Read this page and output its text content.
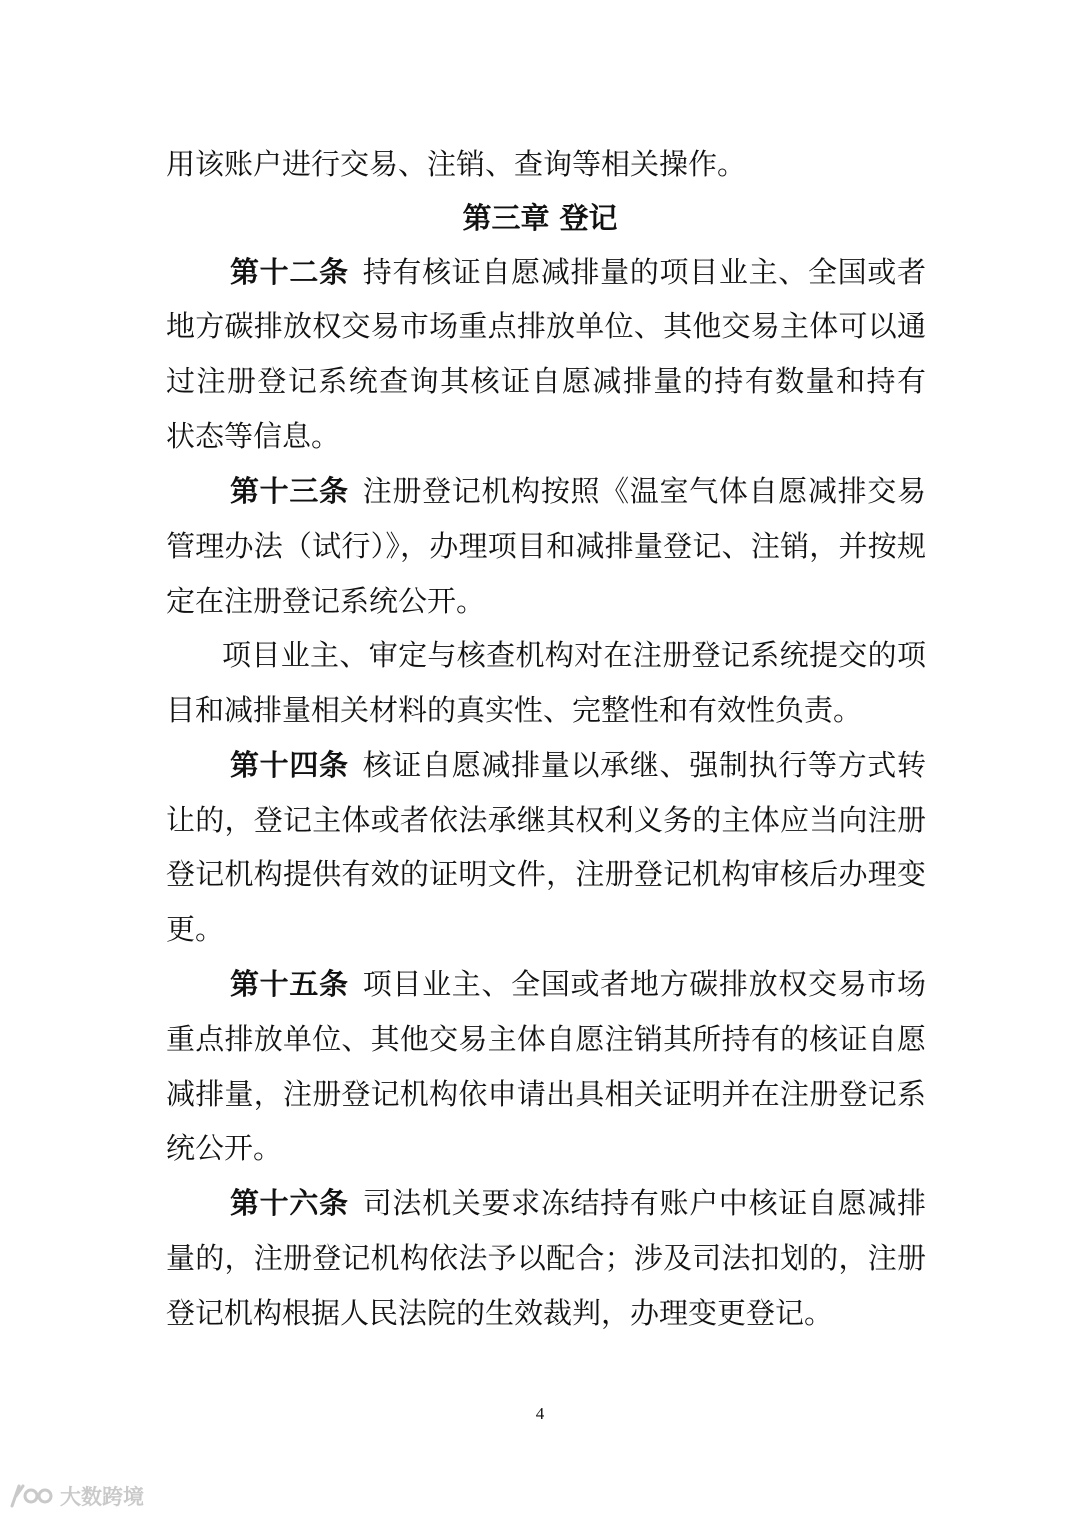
用该账户进行交易、注销、查询等相关操作。
第三章 登记
第十二条 持有核证自愿减排量的项目业主、全国或者
地方碳排放权交易市场重点排放单位、其他交易主体可以通
过注册登记系统查询其核证自愿减排量的持有数量和持有
状态等信息。
第十三条 注册登记机构按照《温室气体自愿减排交易
管理办法（试行）》，办理项目和减排量登记、注销，并按规
定在注册登记系统公开。
项目业主、审定与核查机构对在注册登记系统提交的项
目和减排量相关材料的真实性、完整性和有效性负责。
第十四条 核证自愿减排量以承继、强制执行等方式转
让的，登记主体或者依法承继其权利义务的主体应当向注册
登记机构提供有效的证明文件，注册登记机构审核后办理变
更。
第十五条 项目业主、全国或者地方碳排放权交易市场
重点排放单位、其他交易主体自愿注销其所持有的核证自愿
减排量，注册登记机构依申请出具相关证明并在注册登记系
统公开。
第十六条 司法机关要求冻结持有账户中核证自愿减排
量的，注册登记机构依法予以配合；涉及司法扣划的，注册
登记机构根据人民法院的生效裁判，办理变更登记。
4
大数跨境
